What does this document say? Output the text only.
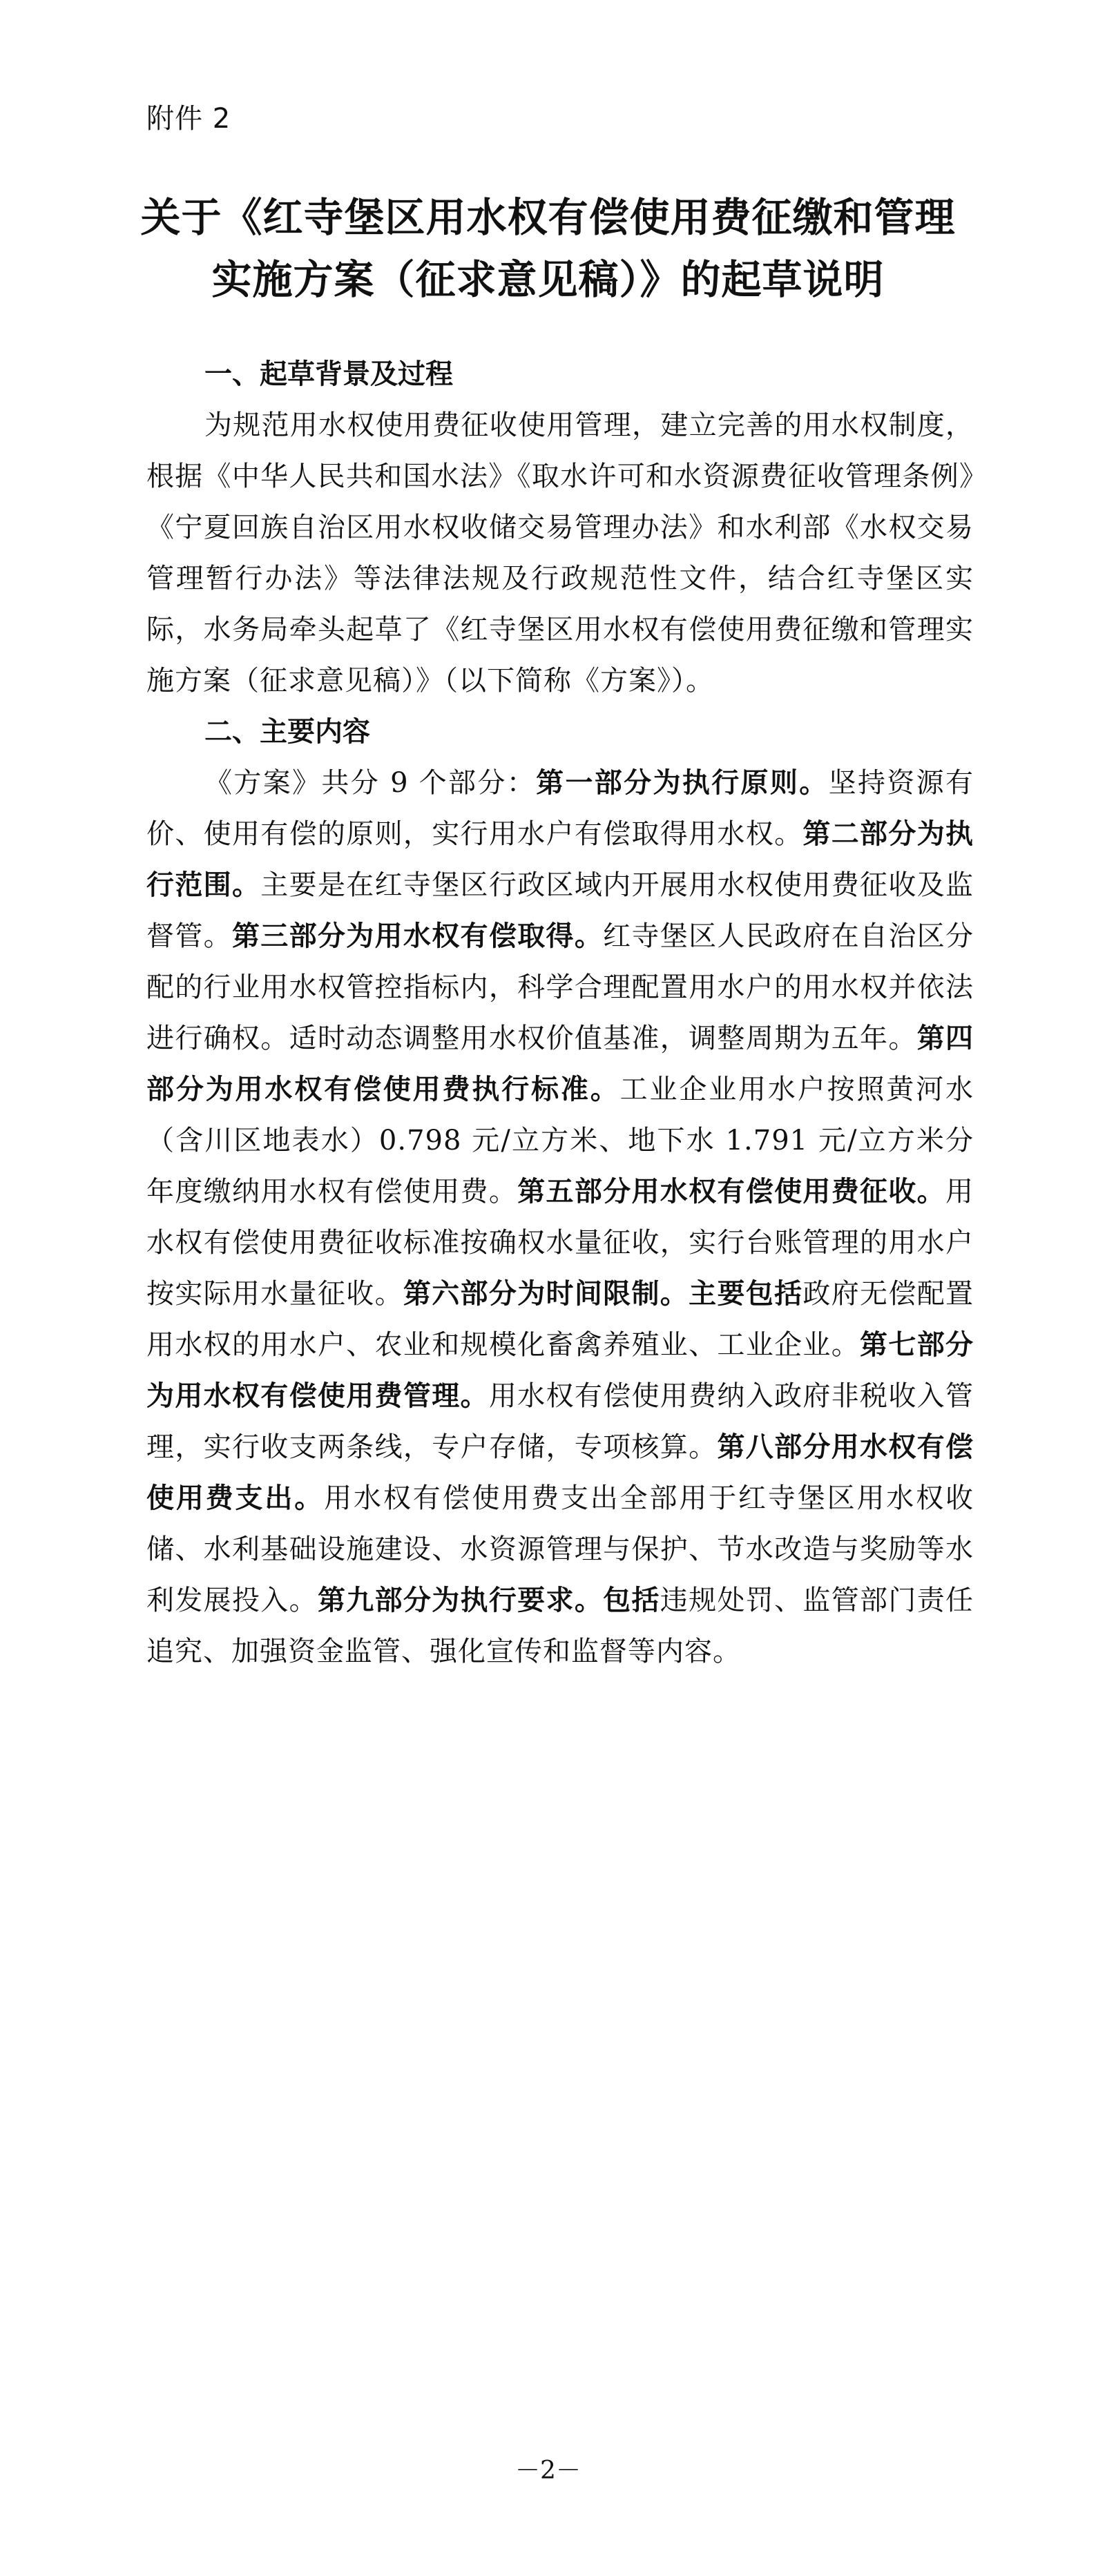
附件 2
关于《红寺堡区用水权有偿使用费征缴和管理
实施方案（征求意见稿）》的起草说明

一、起草背景及过程

为规范用水权使用费征收使用管理，建立完善的用水权制度，根据《中华人民共和国水法》《取水许可和水资源费征收管理条例》《宁夏回族自治区用水权收储交易管理办法》和水利部《水权交易管理暂行办法》等法律法规及行政规范性文件，结合红寺堡区实际，水务局牵头起草了《红寺堡区用水权有偿使用费征缴和管理实施方案（征求意见稿）》（以下简称《方案》）。

二、主要内容

《方案》共分 9 个部分：第一部分为执行原则。坚持资源有价、使用有偿的原则，实行用水户有偿取得用水权。第二部分为执行范围。主要是在红寺堡区行政区域内开展用水权使用费征收及监督管。第三部分为用水权有偿取得。红寺堡区人民政府在自治区分配的行业用水权管控指标内，科学合理配置用水户的用水权并依法进行确权。适时动态调整用水权价值基准，调整周期为五年。第四部分为用水权有偿使用费执行标准。工业企业用水户按照黄河水（含川区地表水）0.798 元/立方米、地下水 1.791 元/立方米分年度缴纳用水权有偿使用费。第五部分用水权有偿使用费征收。用水权有偿使用费征收标准按确权水量征收，实行台账管理的用水户按实际用水量征收。第六部分为时间限制。主要包括政府无偿配置用水权的用水户、农业和规模化畜禽养殖业、工业企业。第七部分为用水权有偿使用费管理。用水权有偿使用费纳入政府非税收入管理，实行收支两条线，专户存储，专项核算。第八部分用水权有偿使用费支出。用水权有偿使用费支出全部用于红寺堡区用水权收储、水利基础设施建设、水资源管理与保护、节水改造与奖励等水利发展投入。第九部分为执行要求。包括违规处罚、监管部门责任追究、加强资金监管、强化宣传和监督等内容。

－2－
